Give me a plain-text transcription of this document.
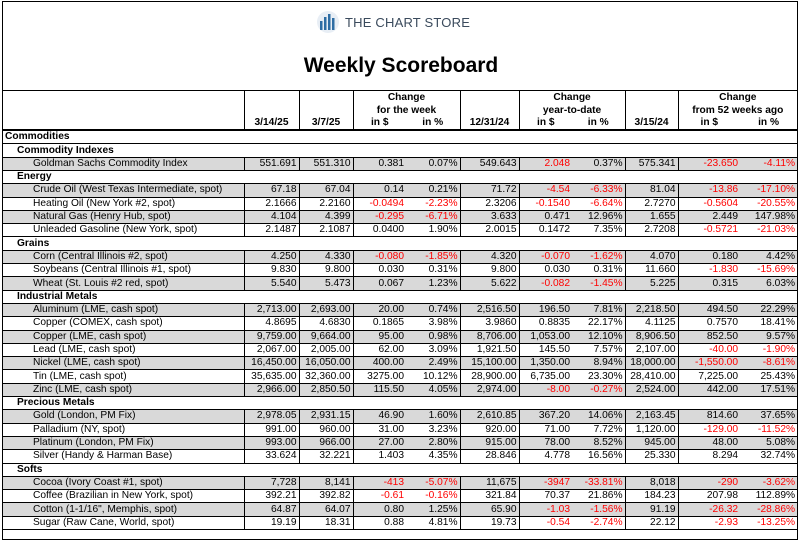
THE CHART STORE
Weekly Scoreboard
			Change			Change			Change	
			for the week			year-to-date			from 52 weeks ago	
	3/14/25	3/7/25	in $	in %	12/31/24	in $	in %	3/15/24	in $	in %
Commodities										
Commodity Indexes										
Goldman Sachs Commodity Index	551.691	551.310	0.381	0.07%	549.643	2.048	0.37%	575.341	-23.650	-4.11%
Energy										
Crude Oil (West Texas Intermediate, spot)	67.18	67.04	0.14	0.21%	71.72	-4.54	-6.33%	81.04	-13.86	-17.10%
Heating Oil (New York #2, spot)	2.1666	2.2160	-0.0494	-2.23%	2.3206	-0.1540	-6.64%	2.7270	-0.5604	-20.55%
Natural Gas (Henry Hub, spot)	4.104	4.399	-0.295	-6.71%	3.633	0.471	12.96%	1.655	2.449	147.98%
Unleaded Gasoline (New York, spot)	2.1487	2.1087	0.0400	1.90%	2.0015	0.1472	7.35%	2.7208	-0.5721	-21.03%
Grains										
Corn (Central Illinois #2, spot)	4.250	4.330	-0.080	-1.85%	4.320	-0.070	-1.62%	4.070	0.180	4.42%
Soybeans (Central Illinois #1, spot)	9.830	9.800	0.030	0.31%	9.800	0.030	0.31%	11.660	-1.830	-15.69%
Wheat (St. Louis #2 red, spot)	5.540	5.473	0.067	1.23%	5.622	-0.082	-1.45%	5.225	0.315	6.03%
Industrial Metals										
Aluminum (LME, cash spot)	2,713.00	2,693.00	20.00	0.74%	2,516.50	196.50	7.81%	2,218.50	494.50	22.29%
Copper (COMEX, cash spot)	4.8695	4.6830	0.1865	3.98%	3.9860	0.8835	22.17%	4.1125	0.7570	18.41%
Copper (LME, cash spot)	9,759.00	9,664.00	95.00	0.98%	8,706.00	1,053.00	12.10%	8,906.50	852.50	9.57%
Lead (LME, cash spot)	2,067.00	2,005.00	62.00	3.09%	1,921.50	145.50	7.57%	2,107.00	-40.00	-1.90%
Nickel (LME, cash spot)	16,450.00	16,050.00	400.00	2.49%	15,100.00	1,350.00	8.94%	18,000.00	-1,550.00	-8.61%
Tin (LME, cash spot)	35,635.00	32,360.00	3275.00	10.12%	28,900.00	6,735.00	23.30%	28,410.00	7,225.00	25.43%
Zinc (LME, cash spot)	2,966.00	2,850.50	115.50	4.05%	2,974.00	-8.00	-0.27%	2,524.00	442.00	17.51%
Precious Metals										
Gold (London, PM Fix)	2,978.05	2,931.15	46.90	1.60%	2,610.85	367.20	14.06%	2,163.45	814.60	37.65%
Palladium (NY, spot)	991.00	960.00	31.00	3.23%	920.00	71.00	7.72%	1,120.00	-129.00	-11.52%
Platinum (London, PM Fix)	993.00	966.00	27.00	2.80%	915.00	78.00	8.52%	945.00	48.00	5.08%
Silver (Handy & Harman Base)	33.624	32.221	1.403	4.35%	28.846	4.778	16.56%	25.330	8.294	32.74%
Softs										
Cocoa (Ivory Coast #1, spot)	7,728	8,141	-413	-5.07%	11,675	-3947	-33.81%	8,018	-290	-3.62%
Coffee (Brazilian in New York, spot)	392.21	392.82	-0.61	-0.16%	321.84	70.37	21.86%	184.23	207.98	112.89%
Cotton (1-1/16", Memphis, spot)	64.87	64.07	0.80	1.25%	65.90	-1.03	-1.56%	91.19	-26.32	-28.86%
Sugar (Raw Cane, World, spot)	19.19	18.31	0.88	4.81%	19.73	-0.54	-2.74%	22.12	-2.93	-13.25%
